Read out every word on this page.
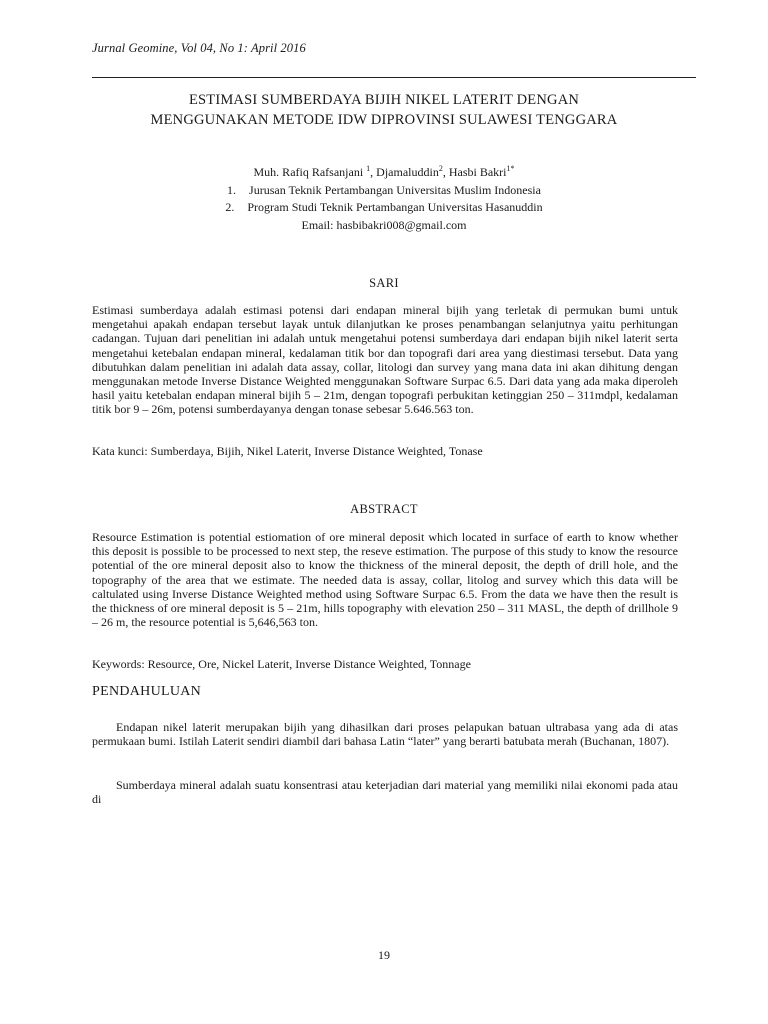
Jurnal Geomine, Vol 04, No 1: April 2016
ESTIMASI SUMBERDAYA BIJIH NIKEL LATERIT DENGAN
MENGGUNAKAN METODE IDW DIPROVINSI SULAWESI TENGGARA
Muh. Rafiq Rafsanjani $^1$, Djamaluddin$^2$, Hasbi Bakri$^{1*}$
1. Jurusan Teknik Pertambangan Universitas Muslim Indonesia
2. Program Studi Teknik Pertambangan Universitas Hasanuddin
Email: hasbibakri008@gmail.com
SARI

Estimasi sumberdaya adalah estimasi potensi dari endapan mineral bijih yang terletak di permukan bumi untuk mengetahui apakah endapan tersebut layak untuk dilanjutkan ke proses penambangan selanjutnya yaitu perhitungan cadangan. Tujuan dari penelitian ini adalah untuk mengetahui potensi sumberdaya dari endapan bijih nikel laterit serta mengetahui ketebalan endapan mineral, kedalaman titik bor dan topografi dari area yang diestimasi tersebut. Data yang dibutuhkan dalam penelitian ini adalah data assay, collar, litologi dan survey yang mana data ini akan dihitung dengan menggunakan metode Inverse Distance Weighted menggunakan Software Surpac 6.5. Dari data yang ada maka diperoleh hasil yaitu ketebalan endapan mineral bijih 5 – 21m, dengan topografi perbukitan ketinggian 250 – 311mdpl, kedalaman titik bor 9 – 26m, potensi sumberdayanya dengan tonase sebesar 5.646.563 ton.

Kata kunci: Sumberdaya, Bijih, Nikel Laterit, Inverse Distance Weighted, Tonase

ABSTRACT

Resource Estimation is potential estiomation of ore mineral deposit which located in surface of earth to know whether this deposit is possible to be processed to next step, the reseve estimation. The purpose of this study to know the resource potential of the ore mineral deposit also to know the thickness of the mineral deposit, the depth of drill hole, and the topography of the area that we estimate. The needed data is assay, collar, litolog and survey which this data will be caltulated using Inverse Distance Weighted method using Software Surpac 6.5. From the data we have then the result is the thickness of ore mineral deposit is 5 – 21m, hills topography with elevation 250 – 311 MASL, the depth of drillhole 9 – 26 m, the resource potential is 5,646,563 ton.

Keywords: Resource, Ore, Nickel Laterit, Inverse Distance Weighted, Tonnage

PENDAHULUAN

Endapan nikel laterit merupakan bijih yang dihasilkan dari proses pelapukan batuan ultrabasa yang ada di atas permukaan bumi. Istilah Laterit sendiri diambil dari bahasa Latin “later” yang berarti batubata merah (Buchanan, 1807).

Sumberdaya mineral adalah suatu konsentrasi atau keterjadian dari material yang memiliki nilai ekonomi pada atau di

19
